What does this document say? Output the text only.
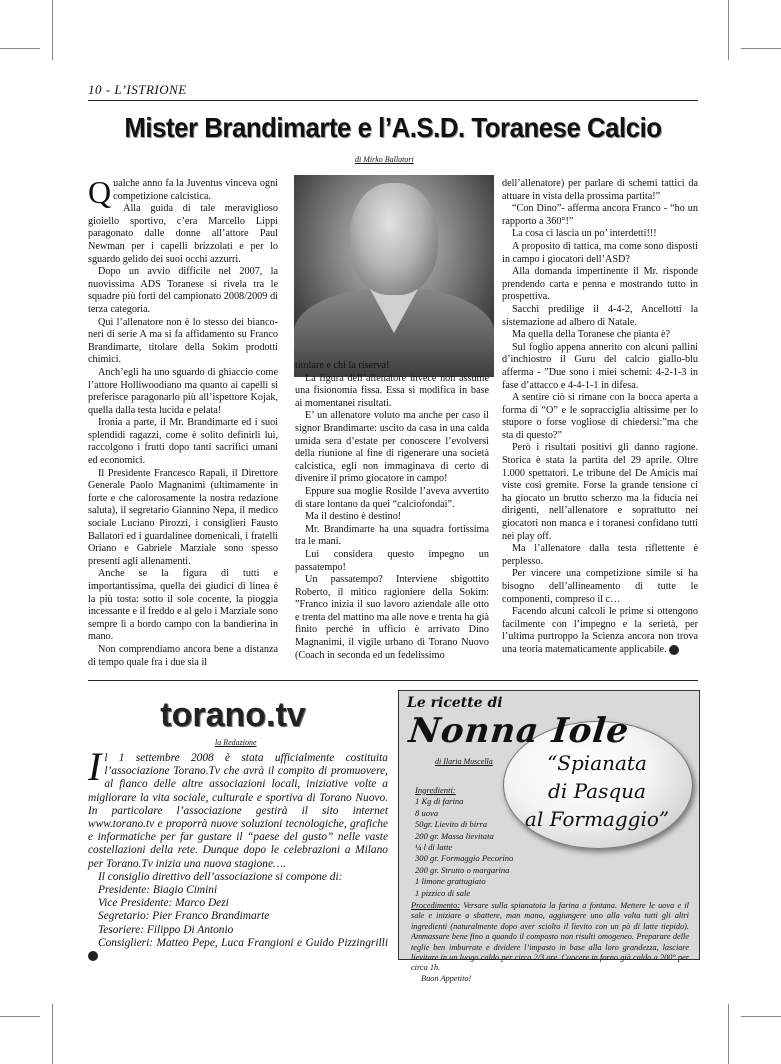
10 - L’ISTRIONE
Mister Brandimarte e l’A.S.D. Toranese Calcio
di Mirko Ballatori

Qualche anno fa la Juventus vinceva ogni competizione calcistica.

Alla guida di tale meraviglioso gioiello sportivo, c’era Marcello Lippi paragonato dalle donne all’attore Paul Newman per i capelli brizzolati e per lo sguardo gelido dei suoi occhi azzurri.

Dopo un avvio difficile nel 2007, la nuovissima ADS Toranese si rivela tra le squadre più forti del campionato 2008/2009 di terza categoria.

Qui l’allenatore non è lo stesso dei bianco-neri di serie A ma si fa affidamento su Franco Brandimarte, titolare della Sokim prodotti chimici.

Anch’egli ha uno sguardo di ghiaccio come l’attore Holliwoodiano ma quanto ai capelli si preferisce paragonarlo più all’ispettore Kojak, quella dalla testa lucida e pelata!

Ironia a parte, il Mr. Brandimarte ed i suoi splendidi ragazzi, come è solito definirli lui, raccolgono i frutti dopo tanti sacrifici umani ed economici.

Il Presidente Francesco Rapali, il Direttore Generale Paolo Magnanimi (ultimamente in forte e che calorosamente la nostra redazione saluta), il segretario Giannino Nepa, il medico sociale Luciano Pirozzi, i consiglieri Fausto Ballatori ed i guardalinee domenicali, i fratelli Oriano e Gabriele Marziale sono spesso presenti agli allenamenti.

Anche se la figura di tutti e importantissima, quella dei giudici di linea è la più tosta: sotto il sole cocente, la pioggia incessante e il freddo e al gelo i Marziale sono sempre lì a bordo campo con la bandierina in mano.

Non comprendiamo ancora bene a distanza di tempo quale fra i due sia il

titolare e chi la riserva!

La figura dell’allenatore invece non assume una fisionomia fissa. Essa si modifica in base ai momentanei risultati.

E’ un allenatore voluto ma anche per caso il signor Brandimarte: uscito da casa in una calda umida sera d’estate per conoscere l’evolversi della riunione al fine di rigenerare una società calcistica, egli non immaginava di certo di divenire il primo giocatore in campo!

Eppure sua moglie Rosilde l’aveva avvertito di stare lontano da quei “calciofondai”.

Ma il destino è destino!

Mr. Brandimarte ha una squadra fortissima tra le mani.

Lui considera questo impegno un passatempo!

Un passatempo? Interviene sbigottito Roberto, il mitico ragioniere della Sokim: ”Franco inizia il suo lavoro aziendale alle otto e trenta del mattino ma alle nove e trenta ha già finito perché in ufficio è arrivato Dino Magnanimi, il vigile urbano di Torano Nuovo (Coach in seconda ed un fedelissimo

dell’allenatore) per parlare di schemi tattici da attuare in vista della prossima partita!”

“Con Dino”- afferma ancora Franco - “ho un rapporto a 360°!”

La cosa ci lascia un po’ interdetti!!!

A proposito di tattica, ma come sono disposti in campo i giocatori dell’ASD?

Alla domanda impertinente il Mr. risponde prendendo carta e penna e mostrando tutto in prospettiva.

Sacchi predilige il 4-4-2, Ancellotti la sistemazione ad albero di Natale.

Ma quella della Toranese che pianta è?

Sul foglio appena annerito con alcuni pallini d’inchiostro il Guru del calcio giallo-blu afferma - ”Due sono i miei schemi: 4-2-1-3 in fase d’attacco e 4-4-1-1 in difesa.

A sentire ciò si rimane con la bocca aperta a forma di “O” e le sopracciglia altissime per lo stupore o forse vogliose di chiedersi:”ma che sta di questo?”

Però i risultati positivi gli danno ragione. Storica è stata la partita del 29 aprile. Oltre 1.000 spettatori. Le tribune del De Amicis mai viste così gremite. Forse la grande tensione ci ha giocato un brutto scherzo ma la fiducia nei dirigenti, nell’allenatore e soprattutto nei giocatori non manca e i toranesi confidano tutti nei play off.

Ma l’allenatore dalla testa riflettente è perplesso.

Per vincere una competizione simile si ha bisogno dell’allineamento di tutte le componenti, compreso il c…

Facendo alcuni calcoli le prime si ottengono facilmente con l’impegno e la serietà, per l’ultima purtroppo la Scienza ancora non trova una teoria matematicamente applicabile. L

torano.tv
la Redazione

Il 1 settembre 2008 è stata ufficialmente costituita l’associazione Torano.Tv che avrà il compito di promuovere, al fianco delle altre associazioni locali, iniziative volte a migliorare la vita sociale, culturale e sportiva di Torano Nuovo. In particolare l’associazione gestirà il sito internet www.torano.tv e proporrà nuove soluzioni tecnologiche, grafiche e informatiche per far gustare il “paese del gusto” nelle vaste costellazioni della rete. Dunque dopo le celebrazioni a Milano per Torano.Tv inizia una nuova stagione….

Il consiglio direttivo dell’associazione si compone di:

Presidente: Biagio Cimini

Vice Presidente: Marco Dezi

Segretario: Pier Franco Brandimarte

Tesoriere: Filippo Di Antonio

Consiglieri: Matteo Pepe, Luca Frangioni e Guido Pizzingrilli L

Le ricette di
Nonna Iole
di Ilaria Muscella	“Spianata
di Pasqua
al Formaggio”
Ingredienti:
1 Kg di farina
8 uova
50gr. Lievito di birra
200 gr. Massa lievitata
¼ l di latte
300 gr. Formaggio Pecorino
200 gr. Strutto o margarina
1 limone grattugiato
1 pizzico di sale
Procedimento: Versare sulla spianatoia la farina a fontana. Mettere le uova e il sale e iniziare a sbattere, man mano, aggiungere uno alla volta tutti gli altri ingredienti (naturalmente dopo aver sciolto il lievito con un pò di latte tiepido). Ammassare bene fino a quando il composto non risulti omogeneo. Preparare delle teglie ben imburrate e dividere l’impasto in base alla loro grandezza, lasciare lievitare in un luogo caldo per circa 2/3 ore. Cuocere in forno già caldo a 200° per circa 1h.
Buon Appetito!
